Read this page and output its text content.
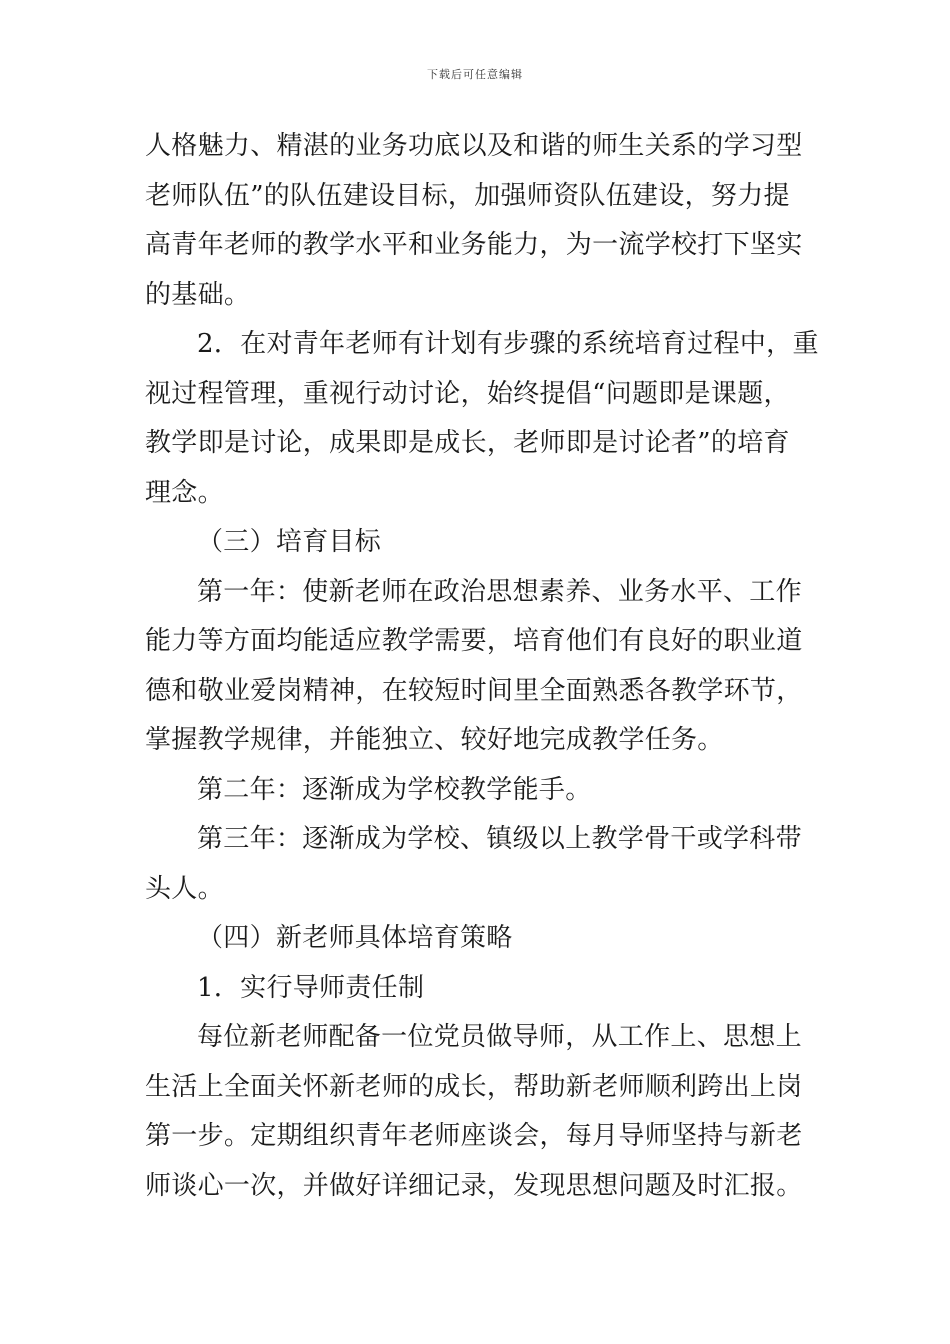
下载后可任意编辑
人格魅力、精湛的业务功底以及和谐的师生关系的学习型
老师队伍”的队伍建设目标，加强师资队伍建设，努力提
高青年老师的教学水平和业务能力，为一流学校打下坚实
的基础。
2．在对青年老师有计划有步骤的系统培育过程中，重
视过程管理，重视行动讨论，始终提倡“问题即是课题，
教学即是讨论，成果即是成长，老师即是讨论者”的培育
理念。
（三）培育目标
第一年：使新老师在政治思想素养、业务水平、工作
能力等方面均能适应教学需要，培育他们有良好的职业道
德和敬业爱岗精神，在较短时间里全面熟悉各教学环节，
掌握教学规律，并能独立、较好地完成教学任务。
第二年：逐渐成为学校教学能手。
第三年：逐渐成为学校、镇级以上教学骨干或学科带
头人。
（四）新老师具体培育策略
1．实行导师责任制
每位新老师配备一位党员做导师，从工作上、思想上
生活上全面关怀新老师的成长，帮助新老师顺利跨出上岗
第一步。定期组织青年老师座谈会，每月导师坚持与新老
师谈心一次，并做好详细记录，发现思想问题及时汇报。
